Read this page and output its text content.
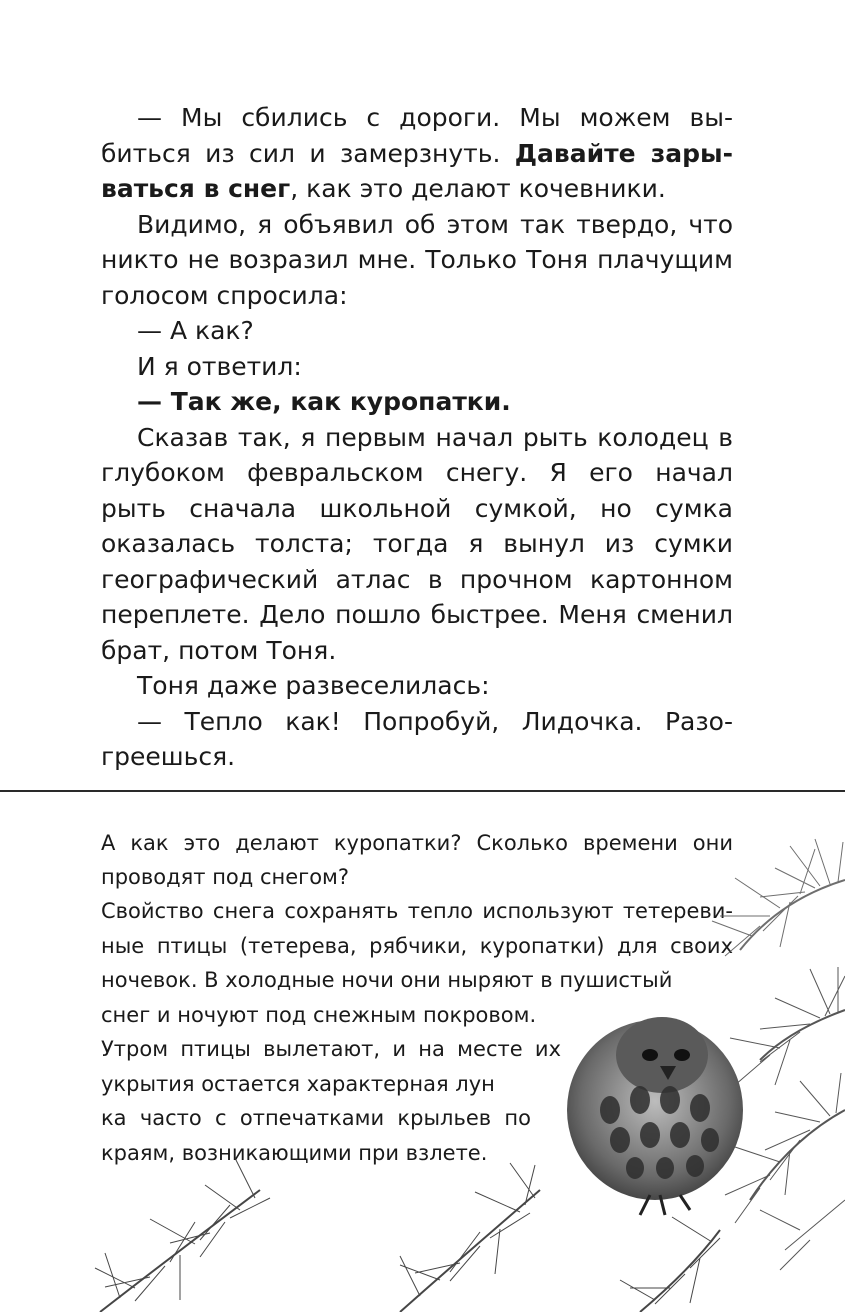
— Мы сбились с дороги. Мы можем выбиться из сил и замерзнуть. Давайте зарываться в снег, как это делают кочевники.

Видимо, я объявил об этом так твердо, что никто не возразил мне. Только Тоня плачущим голосом спросила:

— А как?

И я ответил:

— Так же, как куропатки.

Сказав так, я первым начал рыть колодец в глубоком февральском снегу. Я его начал рыть сначала школьной сумкой, но сумка оказалась толста; тогда я вынул из сумки географический атлас в прочном картонном переплете. Дело пошло быстрее. Меня сменил брат, потом Тоня.

Тоня даже развеселилась:

— Тепло как! Попробуй, Лидочка. Разогреешься.

А как это делают куропатки? Сколько времени они проводят под снегом?

Свойство снега сохранять тепло используют тетеревиные птицы (тетерева, рябчики, куропатки) для своих ночевок. В холодные ночи они ныряют в пушистый

снег и ночуют под снежным покровом.

Утром птицы вылетают, и на месте их укрытия остается характерная лун

ка часто с отпечатками крыльев по краям, возникающими при взлете.
